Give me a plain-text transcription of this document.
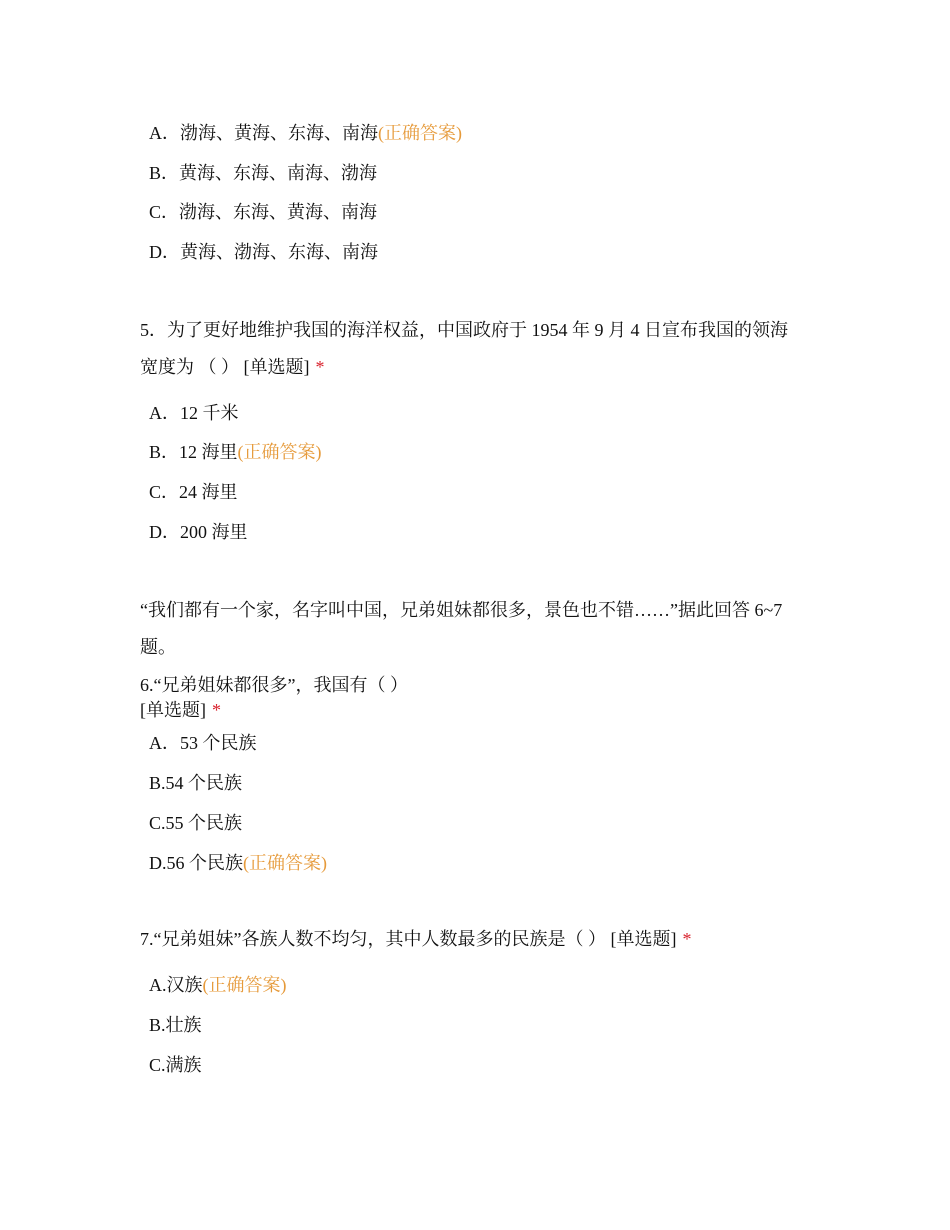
A．渤海、黄海、东海、南海(正确答案)
B．黄海、东海、南海、渤海
C．渤海、东海、黄海、南海
D．黄海、渤海、东海、南海
5．为了更好地维护我国的海洋权益，中国政府于 1954 年 9 月 4 日宣布我国的领海
宽度为 （ ） [单选题] *
A．12 千米
B．12 海里(正确答案)
C．24 海里
D．200 海里
“我们都有一个家，名字叫中国，兄弟姐妹都很多，景色也不错……”据此回答 6~7
题。
6.“兄弟姐妹都很多”，我国有（ ）
[单选题] *
A．53 个民族
B.54 个民族
C.55 个民族
D.56 个民族(正确答案)
7.“兄弟姐妹”各族人数不均匀，其中人数最多的民族是（ ） [单选题] *
A.汉族(正确答案)
B.壮族
C.满族
